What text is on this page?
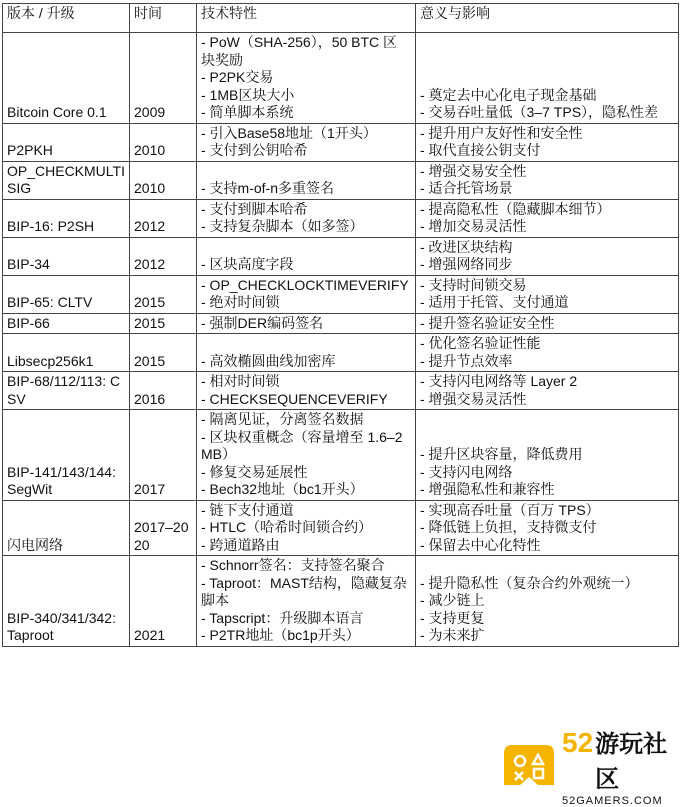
版本 / 升级	时间	技术特性	意义与影响
Bitcoin Core 0.1	2009	- PoW（SHA-256），50 BTC 区块奖励
- P2PK交易
- 1MB区块大小
- 简单脚本系统	- 奠定去中心化电子现金基础
- 交易吞吐量低（3–7 TPS），隐私性差

P2PKH	2010	- 引入Base58地址（1开头）
- 支付到公钥哈希	- 提升用户友好性和安全性
- 取代直接公钥支付

OP_CHECKMULTISIG	2010	- 支持m-of-n多重签名	- 增强交易安全性
- 适合托管场景

BIP-16: P2SH	2012	- 支付到脚本哈希
- 支持复杂脚本（如多签）	- 提高隐私性（隐藏脚本细节）
- 增加交易灵活性

BIP-34	2012	- 区块高度字段	- 改进区块结构
- 增强网络同步

BIP-65: CLTV	2015	- OP_CHECKLOCKTIMEVERIFY
- 绝对时间锁	- 支持时间锁交易
- 适用于托管、支付通道

BIP-66	2015	- 强制DER编码签名	- 提升签名验证安全性

Libsecp256k1	2015	- 高效椭圆曲线加密库	- 优化签名验证性能
- 提升节点效率

BIP-68/112/113: CSV	2016	- 相对时间锁
- CHECKSEQUENCEVERIFY	- 支持闪电网络等 Layer 2
- 增强交易灵活性

BIP-141/143/144: SegWit	2017	- 隔离见证，分离签名数据
- 区块权重概念（容量增至 1.6–2MB）
- 修复交易延展性
- Bech32地址（bc1开头）	- 提升区块容量，降低费用
- 支持闪电网络
- 增强隐私性和兼容性

闪电网络	2017–2020	- 链下支付通道
- HTLC（哈希时间锁合约）
- 跨通道路由	- 实现高吞吐量（百万 TPS）
- 降低链上负担，支持微支付
- 保留去中心化特性

BIP-340/341/342: Taproot	2021	- Schnorr签名：支持签名聚合
- Taproot：MAST结构，隐藏复杂脚本
- Tapscript：升级脚本语言
- P2TR地址（bc1p开头）	- 提升隐私性（复杂合约外观统一）
- 减少链上
- 支持更复
- 为未来扩
52 游玩社区
52GAMERS.COM
